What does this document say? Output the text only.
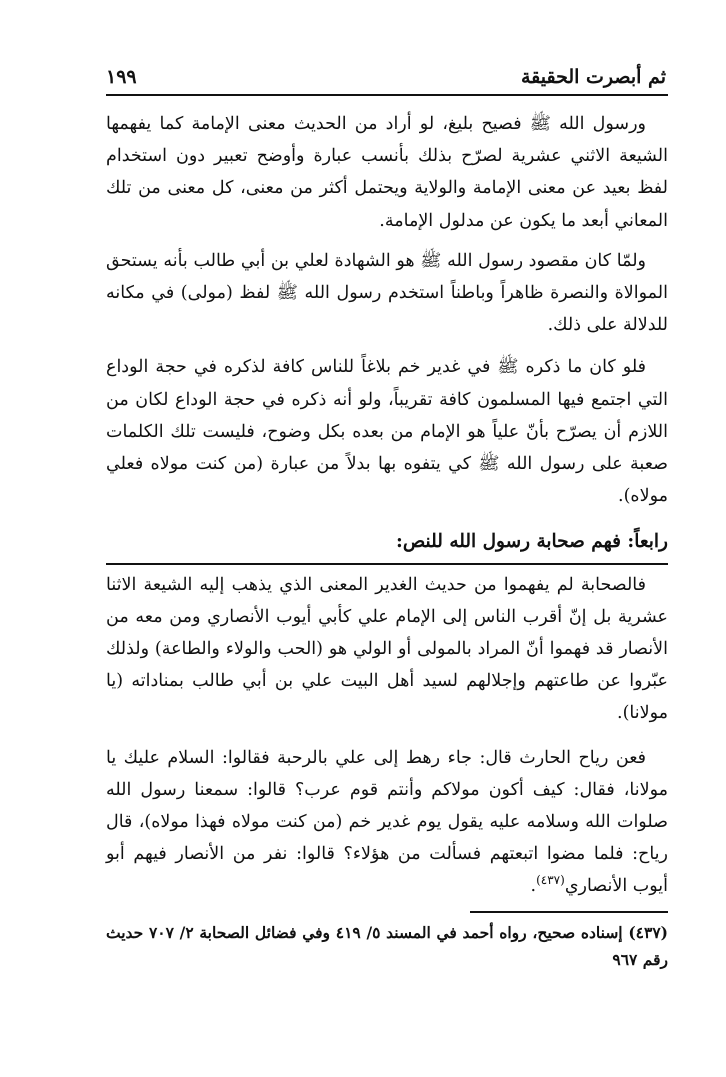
ثم أبصرت الحقيقة
١٩٩

ورسول الله ﷺ فصيح بليغ، لو أراد من الحديث معنى الإمامة كما يفهمها الشيعة الاثني عشرية لصرّح بذلك بأنسب عبارة وأوضح تعبير دون استخدام لفظ بعيد عن معنى الإمامة والولاية ويحتمل أكثر من معنى، كل معنى من تلك المعاني أبعد ما يكون عن مدلول الإمامة.

ولمّا كان مقصود رسول الله ﷺ هو الشهادة لعلي بن أبي طالب بأنه يستحق الموالاة والنصرة ظاهراً وباطناً استخدم رسول الله ﷺ لفظ (مولى) في مكانه للدلالة على ذلك.

فلو كان ما ذكره ﷺ في غدير خم بلاغاً للناس كافة لذكره في حجة الوداع التي اجتمع فيها المسلمون كافة تقريباً، ولو أنه ذكره في حجة الوداع لكان من اللازم أن يصرّح بأنّ علياً هو الإمام من بعده بكل وضوح، فليست تلك الكلمات صعبة على رسول الله ﷺ كي يتفوه بها بدلاً من عبارة (من كنت مولاه فعلي مولاه).

رابعاً: فهم صحابة رسول الله للنص:

فالصحابة لم يفهموا من حديث الغدير المعنى الذي يذهب إليه الشيعة الاثنا عشرية بل إنّ أقرب الناس إلى الإمام علي كأبي أيوب الأنصاري ومن معه من الأنصار قد فهموا أنّ المراد بالمولى أو الولي هو (الحب والولاء والطاعة) ولذلك عبّروا عن طاعتهم وإجلالهم لسيد أهل البيت علي بن أبي طالب بمناداته (يا مولانا).

فعن رياح الحارث قال: جاء رهط إلى علي بالرحبة فقالوا: السلام عليك يا مولانا، فقال: كيف أكون مولاكم وأنتم قوم عرب؟ قالوا: سمعنا رسول الله صلوات الله وسلامه عليه يقول يوم غدير خم (من كنت مولاه فهذا مولاه)، قال رياح: فلما مضوا اتبعتهم فسألت من هؤلاء؟ قالوا: نفر من الأنصار فيهم أبو أيوب الأنصاري$^{(٤٣٧)}$.

(٤٣٧) إسناده صحيح، رواه أحمد في المسند ٥/ ٤١٩ وفي فضائل الصحابة ٢/ ٧٠٧ حديث رقم ٩٦٧
